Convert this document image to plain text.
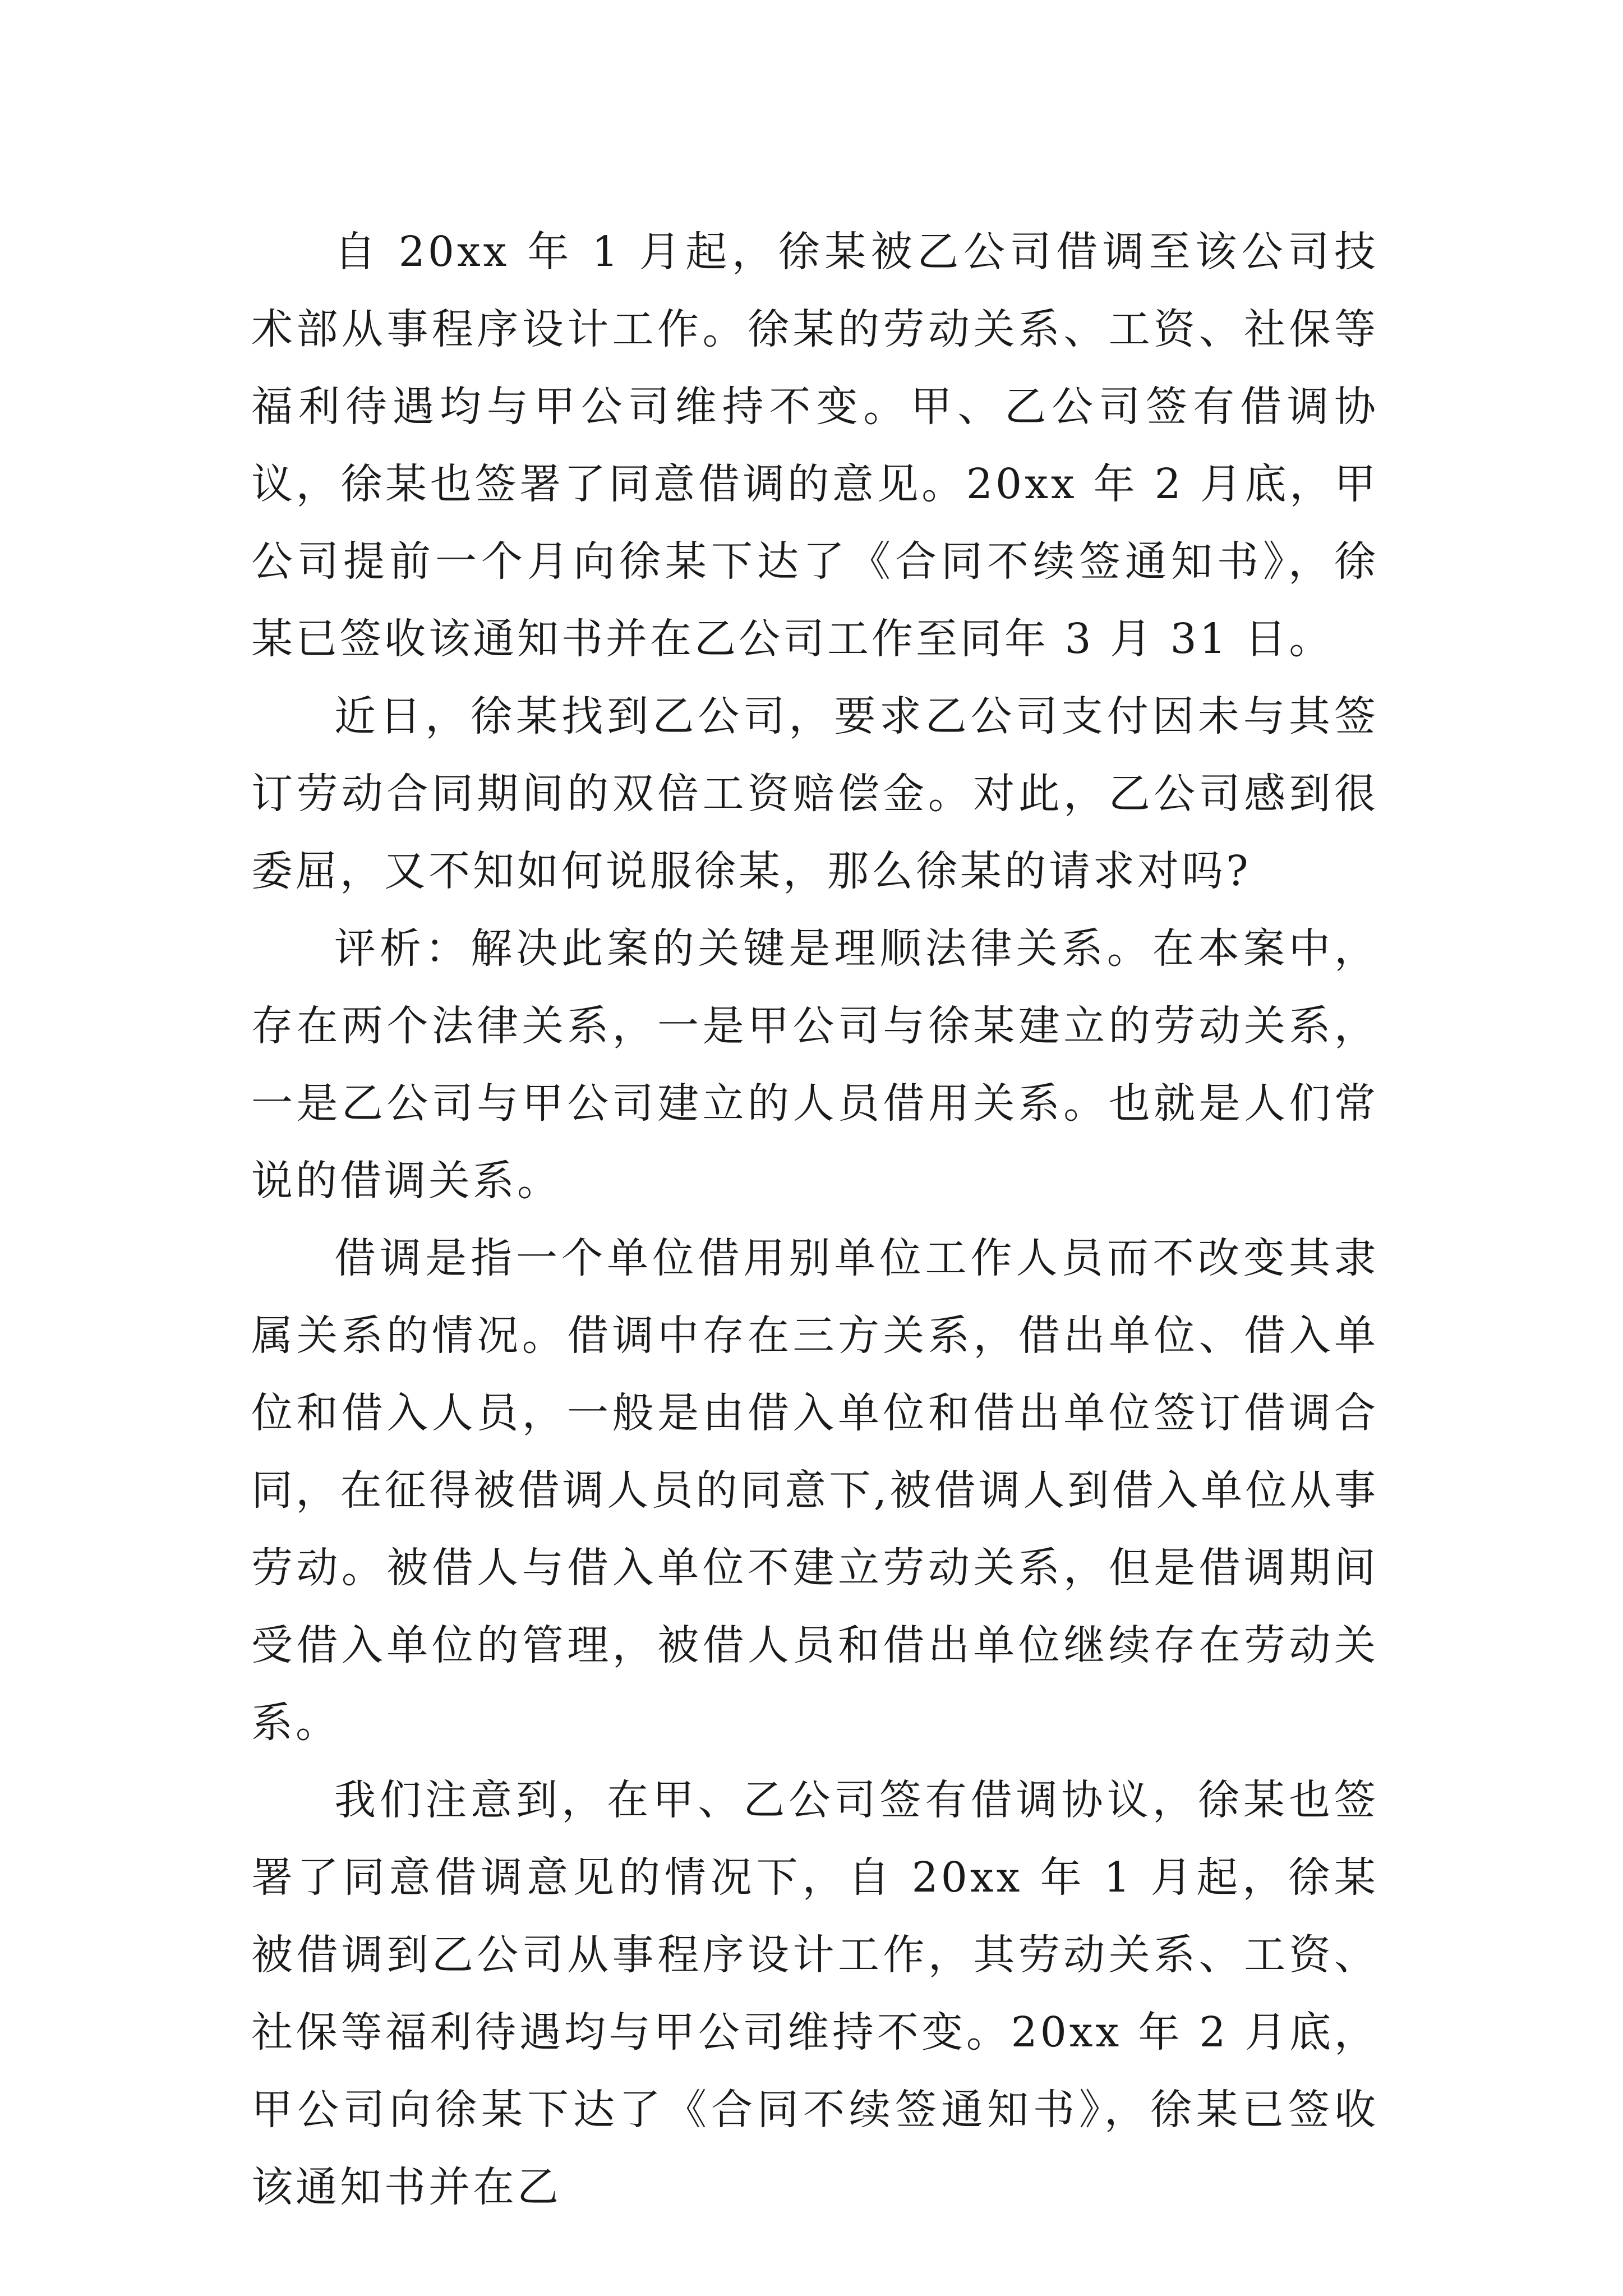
自 20xx 年 1 月起，徐某被乙公司借调至该公司技术部从事程序设计工作。徐某的劳动关系、工资、社保等福利待遇均与甲公司维持不变。甲、乙公司签有借调协议，徐某也签署了同意借调的意见。20xx 年 2 月底，甲公司提前一个月向徐某下达了《合同不续签通知书》，徐某已签收该通知书并在乙公司工作至同年 3 月 31 日。

近日，徐某找到乙公司，要求乙公司支付因未与其签订劳动合同期间的双倍工资赔偿金。对此，乙公司感到很委屈，又不知如何说服徐某，那么徐某的请求对吗?

评析：解决此案的关键是理顺法律关系。在本案中，存在两个法律关系，一是甲公司与徐某建立的劳动关系，一是乙公司与甲公司建立的人员借用关系。也就是人们常说的借调关系。

借调是指一个单位借用别单位工作人员而不改变其隶属关系的情况。借调中存在三方关系，借出单位、借入单位和借入人员，一般是由借入单位和借出单位签订借调合同，在征得被借调人员的同意下,被借调人到借入单位从事劳动。被借人与借入单位不建立劳动关系，但是借调期间受借入单位的管理，被借人员和借出单位继续存在劳动关系。

我们注意到，在甲、乙公司签有借调协议，徐某也签署了同意借调意见的情况下，自 20xx 年 1 月起，徐某被借调到乙公司从事程序设计工作，其劳动关系、工资、社保等福利待遇均与甲公司维持不变。20xx 年 2 月底，甲公司向徐某下达了《合同不续签通知书》，徐某已签收该通知书并在乙
